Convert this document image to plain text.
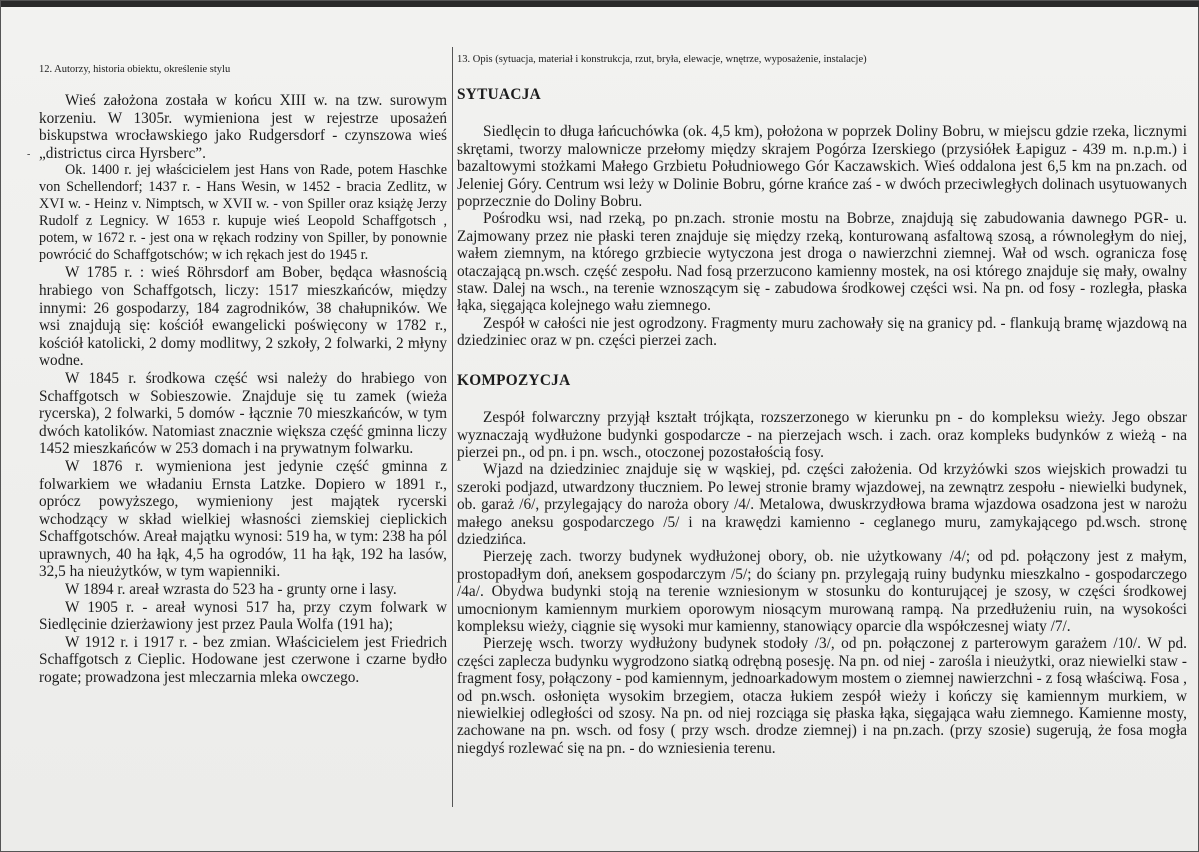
-
12. Autorzy, historia obiektu, określenie stylu

Wieś założona została w końcu XIII w. na tzw. surowym korzeniu. W 1305r. wymieniona jest w rejestrze uposażeń biskupstwa wrocławskiego jako Rudgersdorf - czynszowa wieś „districtus circa Hyrsberc”.

Ok. 1400 r. jej właścicielem jest Hans von Rade, potem Haschke von Schellendorf; 1437 r. - Hans Wesin, w 1452 - bracia Zedlitz, w XVI w. - Heinz v. Nimptsch, w XVII w. - von Spiller oraz książę Jerzy Rudolf z Legnicy. W 1653 r. kupuje wieś Leopold Schaffgotsch , potem, w 1672 r. - jest ona w rękach rodziny von Spiller, by ponownie powrócić do Schaffgotschów; w ich rękach jest do 1945 r.

W 1785 r. : wieś Röhrsdorf am Bober, będąca własnością hrabiego von Schaffgotsch, liczy: 1517 mieszkańców, między innymi: 26 gospodarzy, 184 zagrodników, 38 chałupników. We wsi znajdują się: kościół ewangelicki poświęcony w 1782 r., kościół katolicki, 2 domy modlitwy, 2 szkoły, 2 folwarki, 2 młyny wodne.

W 1845 r. środkowa część wsi należy do hrabiego von Schaffgotsch w Sobieszowie. Znajduje się tu zamek (wieża rycerska), 2 folwarki, 5 domów - łącznie 70 mieszkańców, w tym dwóch katolików. Natomiast znacznie większa część gminna liczy 1452 mieszkańców w 253 domach i na prywatnym folwarku.

W 1876 r. wymieniona jest jedynie część gminna z folwarkiem we władaniu Ernsta Latzke. Dopiero w 1891 r., oprócz powyższego, wymieniony jest majątek rycerski wchodzący w skład wielkiej własności ziemskiej cieplickich Schaffgotschów. Areał majątku wynosi: 519 ha, w tym: 238 ha pól uprawnych, 40 ha łąk, 4,5 ha ogrodów, 11 ha łąk, 192 ha lasów, 32,5 ha nieużytków, w tym wapienniki.

W 1894 r. areał wzrasta do 523 ha - grunty orne i lasy.

W 1905 r. - areał wynosi 517 ha, przy czym folwark w Siedlęcinie dzierżawiony jest przez Paula Wolfa (191 ha);

W 1912 r. i 1917 r. - bez zmian. Właścicielem jest Friedrich Schaffgotsch z Cieplic. Hodowane jest czerwone i czarne bydło rogate; prowadzona jest mleczarnia mleka owczego.

13. Opis (sytuacja, materiał i konstrukcja, rzut, bryła, elewacje, wnętrze, wyposażenie, instalacje)
SYTUACJA

Siedlęcin to długa łańcuchówka (ok. 4,5 km), położona w poprzek Doliny Bobru, w miejscu gdzie rzeka, licznymi skrętami, tworzy malownicze przełomy między skrajem Pogórza Izerskiego (przysiółek Łapiguz - 439 m. n.p.m.) i bazaltowymi stożkami Małego Grzbietu Południowego Gór Kaczawskich. Wieś oddalona jest 6,5 km na pn.zach. od Jeleniej Góry. Centrum wsi leży w Dolinie Bobru, górne krańce zaś - w dwóch przeciwległych dolinach usytuowanych poprzecznie do Doliny Bobru.

Pośrodku wsi, nad rzeką, po pn.zach. stronie mostu na Bobrze, znajdują się zabudowania dawnego PGR- u. Zajmowany przez nie płaski teren znajduje się między rzeką, konturowaną asfaltową szosą, a równoległym do niej, wałem ziemnym, na którego grzbiecie wytyczona jest droga o nawierzchni ziemnej. Wał od wsch. ogranicza fosę otaczającą pn.wsch. część zespołu. Nad fosą przerzucono kamienny mostek, na osi którego znajduje się mały, owalny staw. Dalej na wsch., na terenie wznoszącym się - zabudowa środkowej części wsi. Na pn. od fosy - rozległa, płaska łąka, sięgająca kolejnego wału ziemnego.

Zespół w całości nie jest ogrodzony. Fragmenty muru zachowały się na granicy pd. - flankują bramę wjazdową na dziedziniec oraz w pn. części pierzei zach.

KOMPOZYCJA

Zespół folwarczny przyjął kształt trójkąta, rozszerzonego w kierunku pn - do kompleksu wieży. Jego obszar wyznaczają wydłużone budynki gospodarcze - na pierzejach wsch. i zach. oraz kompleks budynków z wieżą - na pierzei pn., od pn. i pn. wsch., otoczonej pozostałością fosy.

Wjazd na dziedziniec znajduje się w wąskiej, pd. części założenia. Od krzyżówki szos wiejskich prowadzi tu szeroki podjazd, utwardzony tłuczniem. Po lewej stronie bramy wjazdowej, na zewnątrz zespołu - niewielki budynek, ob. garaż /6/, przylegający do naroża obory /4/. Metalowa, dwuskrzydłowa brama wjazdowa osadzona jest w narożu małego aneksu gospodarczego /5/ i na krawędzi kamienno - ceglanego muru, zamykającego pd.wsch. stronę dziedzińca.

Pierzeję zach. tworzy budynek wydłużonej obory, ob. nie użytkowany /4/; od pd. połączony jest z małym, prostopadłym doń, aneksem gospodarczym /5/; do ściany pn. przylegają ruiny budynku mieszkalno - gospodarczego /4a/. Obydwa budynki stoją na terenie wzniesionym w stosunku do konturującej je szosy, w części środkowej umocnionym kamiennym murkiem oporowym niosącym murowaną rampą. Na przedłużeniu ruin, na wysokości kompleksu wieży, ciągnie się wysoki mur kamienny, stanowiący oparcie dla współczesnej wiaty /7/.

Pierzeję wsch. tworzy wydłużony budynek stodoły /3/, od pn. połączonej z parterowym garażem /10/. W pd. części zaplecza budynku wygrodzono siatką odrębną posesję. Na pn. od niej - zarośla i nieużytki, oraz niewielki staw - fragment fosy, połączony - pod kamiennym, jednoarkadowym mostem o ziemnej nawierzchni - z fosą właściwą. Fosa , od pn.wsch. osłonięta wysokim brzegiem, otacza łukiem zespół wieży i kończy się kamiennym murkiem, w niewielkiej odległości od szosy. Na pn. od niej rozciąga się płaska łąka, sięgająca wału ziemnego. Kamienne mosty, zachowane na pn. wsch. od fosy ( przy wsch. drodze ziemnej) i na pn.zach. (przy szosie) sugerują, że fosa mogła niegdyś rozlewać się na pn. - do wzniesienia terenu.
